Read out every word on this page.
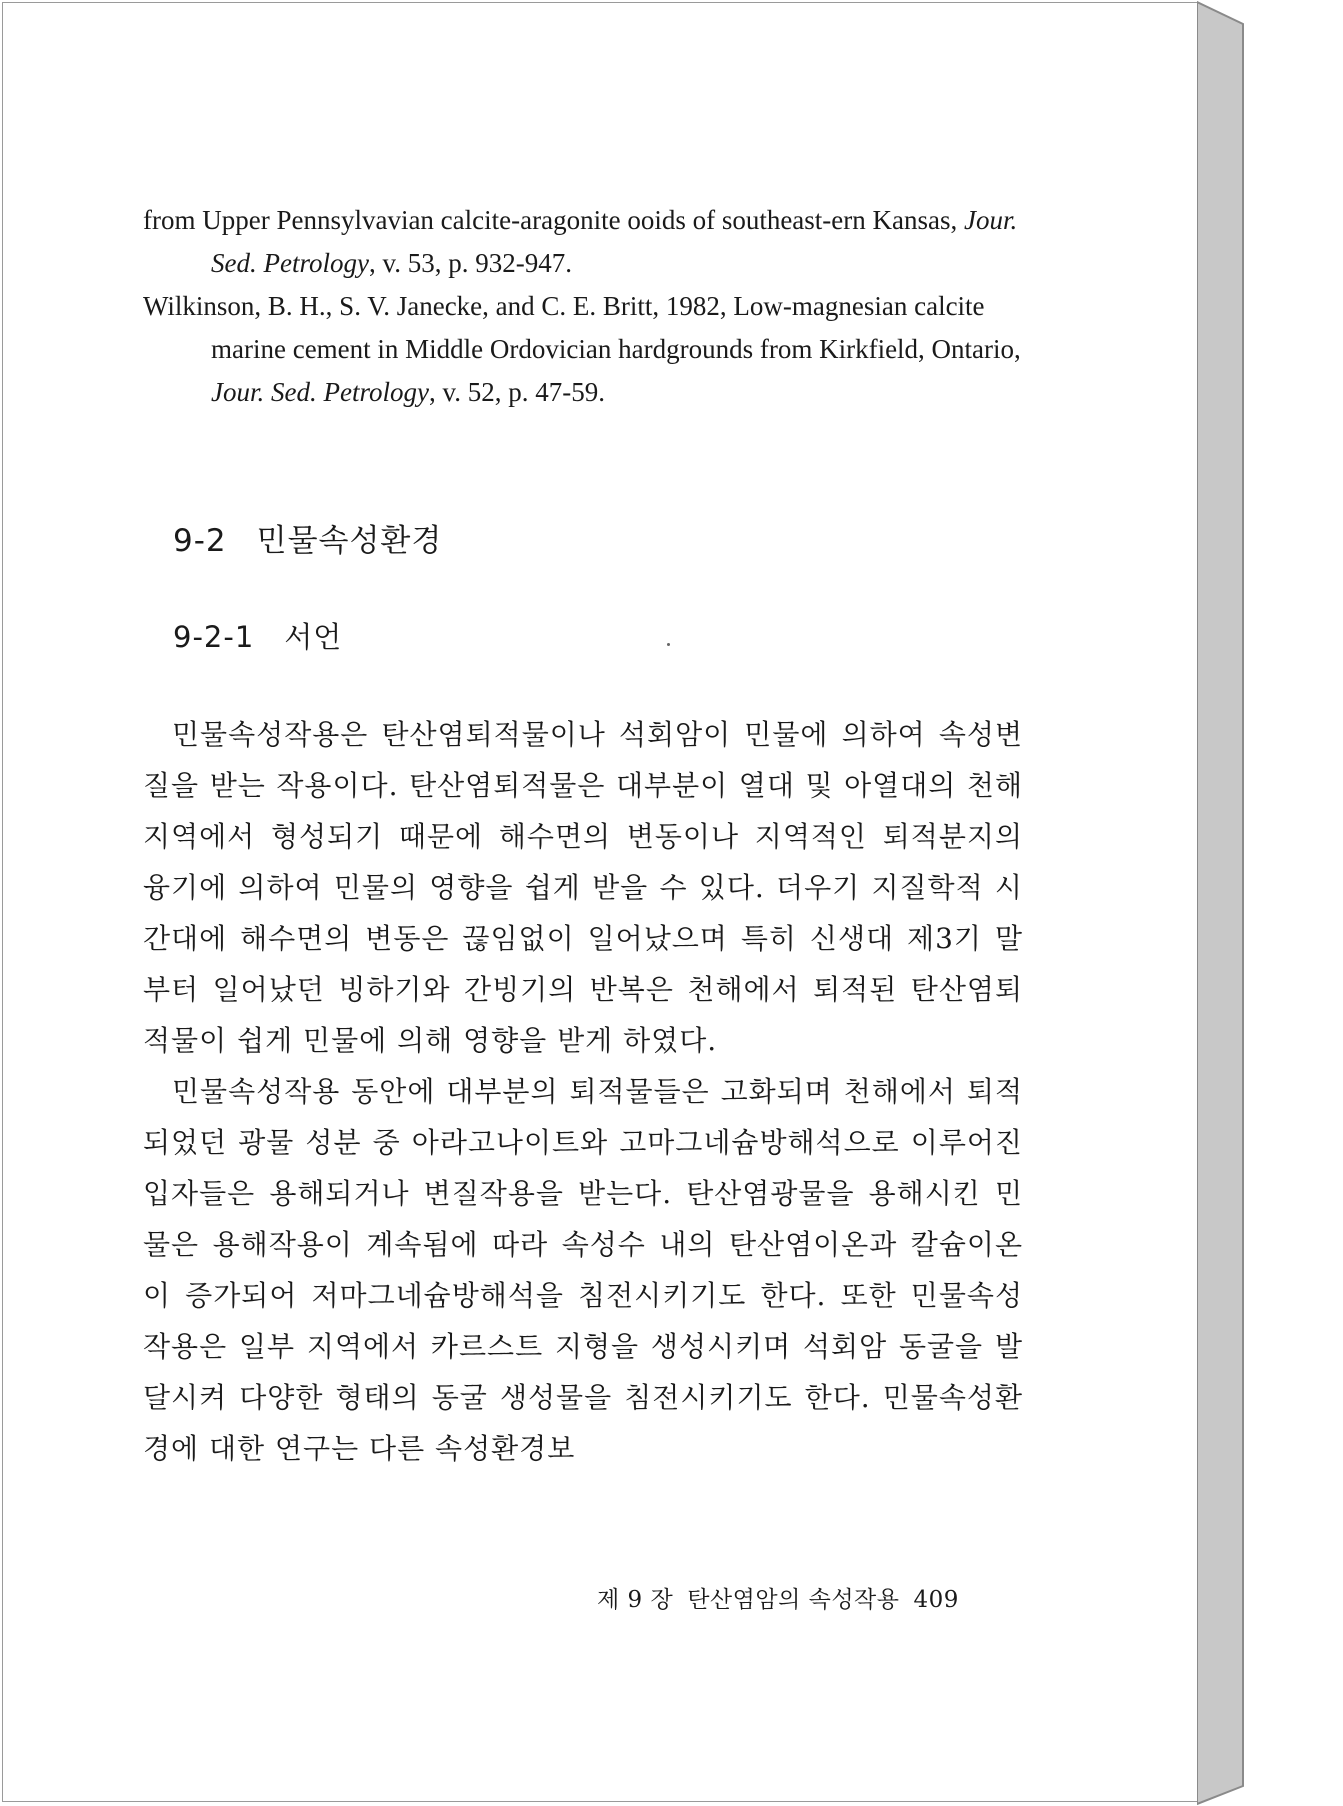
from Upper Pennsylvavian calcite-aragonite ooids of southeast-ern Kansas, Jour. Sed. Petrology, v. 53, p. 932-947.

Wilkinson, B. H., S. V. Janecke, and C. E. Britt, 1982, Low-magnesian calcite marine cement in Middle Ordovician hardgrounds from Kirkfield, Ontario, Jour. Sed. Petrology, v. 52, p. 47-59.

9-2 민물속성환경
9-2-1 서언

 민물속성작용은 탄산염퇴적물이나 석회암이 민물에 의하여 속성변질을 받는 작용이다. 탄산염퇴적물은 대부분이 열대 및 아열대의 천해 지역에서 형성되기 때문에 해수면의 변동이나 지역적인 퇴적분지의 융기에 의하여 민물의 영향을 쉽게 받을 수 있다. 더우기 지질학적 시간대에 해수면의 변동은 끊임없이 일어났으며 특히 신생대 제3기 말부터 일어났던 빙하기와 간빙기의 반복은 천해에서 퇴적된 탄산염퇴적물이 쉽게 민물에 의해 영향을 받게 하였다.

 민물속성작용 동안에 대부분의 퇴적물들은 고화되며 천해에서 퇴적되었던 광물 성분 중 아라고나이트와 고마그네슘방해석으로 이루어진 입자들은 용해되거나 변질작용을 받는다. 탄산염광물을 용해시킨 민물은 용해작용이 계속됨에 따라 속성수 내의 탄산염이온과 칼슘이온이 증가되어 저마그네슘방해석을 침전시키기도 한다. 또한 민물속성작용은 일부 지역에서 카르스트 지형을 생성시키며 석회암 동굴을 발달시켜 다양한 형태의 동굴 생성물을 침전시키기도 한다. 민물속성환경에 대한 연구는 다른 속성환경보

제 9 장 탄산염암의 속성작용 409
